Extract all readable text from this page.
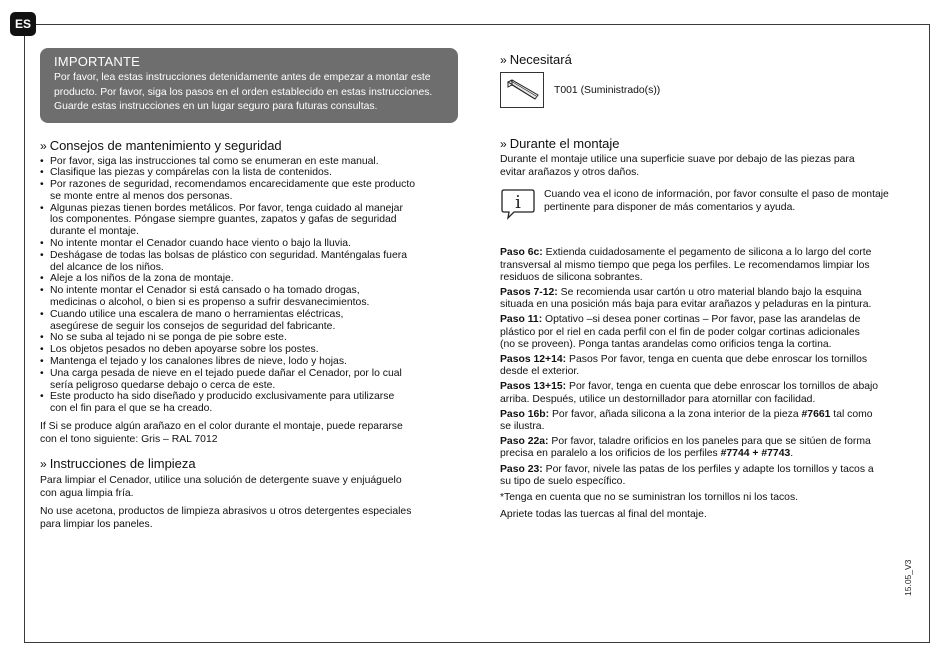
ES
IMPORTANTE

Por favor, lea estas instrucciones detenidamente antes de empezar a montar este
producto. Por favor, siga los pasos en el orden establecido en estas instrucciones.
Guarde estas instrucciones en un lugar seguro para futuras consultas.

» Consejos de mantenimiento y seguridad
• Por favor, siga las instrucciones tal como se enumeran en este manual.
• Clasifique las piezas y compárelas con la lista de contenidos.
• Por razones de seguridad, recomendamos encarecidamente que este producto
se monte entre al menos dos personas.
• Algunas piezas tienen bordes metálicos. Por favor, tenga cuidado al manejar
los componentes. Póngase siempre guantes, zapatos y gafas de seguridad
durante el montaje.
• No intente montar el Cenador cuando hace viento o bajo la lluvia.
• Deshágase de todas las bolsas de plástico con seguridad. Manténgalas fuera
del alcance de los niños.
• Aleje a los niños de la zona de montaje.
• No intente montar el Cenador si está cansado o ha tomado drogas,
medicinas o alcohol, o bien si es propenso a sufrir desvanecimientos.
• Cuando utilice una escalera de mano o herramientas eléctricas,
asegúrese de seguir los consejos de seguridad del fabricante.
• No se suba al tejado ni se ponga de pie sobre este.
• Los objetos pesados no deben apoyarse sobre los postes.
• Mantenga el tejado y los canalones libres de nieve, lodo y hojas.
• Una carga pesada de nieve en el tejado puede dañar el Cenador, por lo cual
sería peligroso quedarse debajo o cerca de este.
• Este producto ha sido diseñado y producido exclusivamente para utilizarse
con el fin para el que se ha creado.

If Si se produce algún arañazo en el color durante el montaje, puede repararse
con el tono siguiente: Gris – RAL 7012

» Instrucciones de limpieza

Para limpiar el Cenador, utilice una solución de detergente suave y enjuáguelo
con agua limpia fría.

No use acetona, productos de limpieza abrasivos u otros detergentes especiales
para limpiar los paneles.

» Necesitará
T001 (Suministrado(s))
» Durante el montaje

Durante el montaje utilice una superficie suave por debajo de las piezas para
evitar arañazos y otros daños.

i Cuando vea el icono de información, por favor consulte el paso de montaje
pertinente para disponer de más comentarios y ayuda.

Paso 6c: Extienda cuidadosamente el pegamento de silicona a lo largo del corte
transversal al mismo tiempo que pega los perfiles. Le recomendamos limpiar los
residuos de silicona sobrantes.

Pasos 7-12: Se recomienda usar cartón u otro material blando bajo la esquina
situada en una posición más baja para evitar arañazos y peladuras en la pintura.

Paso 11: Optativo –si desea poner cortinas – Por favor, pase las arandelas de
plástico por el riel en cada perfil con el fin de poder colgar cortinas adicionales
(no se proveen). Ponga tantas arandelas como orificios tenga la cortina.

Pasos 12+14: Pasos Por favor, tenga en cuenta que debe enroscar los tornillos
desde el exterior.

Pasos 13+15: Por favor, tenga en cuenta que debe enroscar los tornillos de abajo
arriba. Después, utilice un destornillador para atornillar con facilidad.

Paso 16b: Por favor, añada silicona a la zona interior de la pieza #7661 tal como
se ilustra.

Paso 22a: Por favor, taladre orificios en los paneles para que se sitúen de forma
precisa en paralelo a los orificios de los perfiles #7744 + #7743.

Paso 23: Por favor, nivele las patas de los perfiles y adapte los tornillos y tacos a
su tipo de suelo específico.

*Tenga en cuenta que no se suministran los tornillos ni los tacos.

Apriete todas las tuercas al final del montaje.

15.05_V3
